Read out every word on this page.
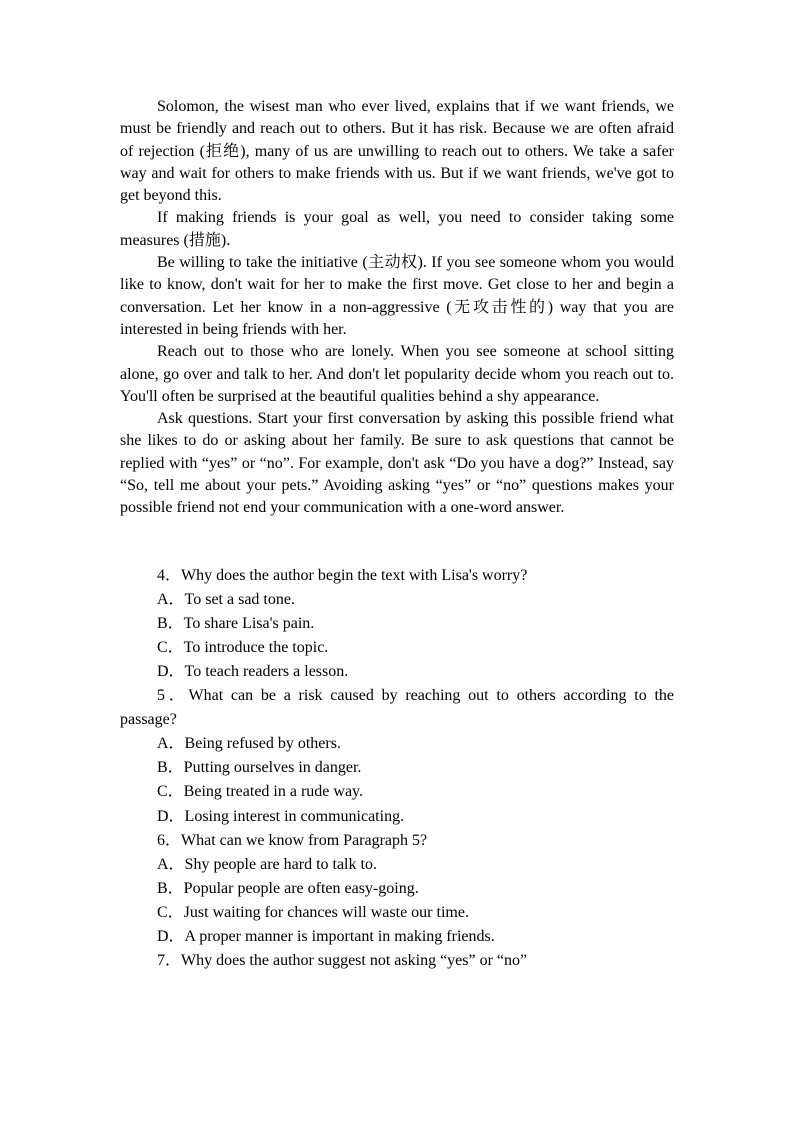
Solomon, the wisest man who ever lived, explains that if we want friends, we must be friendly and reach out to others. But it has risk. Because we are often afraid of rejection (拒绝), many of us are unwilling to reach out to others. We take a safer way and wait for others to make friends with us. But if we want friends, we've got to get beyond this.

If making friends is your goal as well, you need to consider taking some measures (措施).

Be willing to take the initiative (主动权). If you see someone whom you would like to know, don't wait for her to make the first move. Get close to her and begin a conversation. Let her know in a non-aggressive (无攻击性的) way that you are interested in being friends with her.

Reach out to those who are lonely. When you see someone at school sitting alone, go over and talk to her. And don't let popularity decide whom you reach out to. You'll often be surprised at the beautiful qualities behind a shy appearance.

Ask questions. Start your first conversation by asking this possible friend what she likes to do or asking about her family. Be sure to ask questions that cannot be replied with “yes” or “no”. For example, don't ask “Do you have a dog?” Instead, say “So, tell me about your pets.” Avoiding asking “yes” or “no” questions makes your possible friend not end your communication with a one-word answer.

4．Why does the author begin the text with Lisa's worry?

A．To set a sad tone.
B．To share Lisa's pain.
C．To introduce the topic.
D．To teach readers a lesson.

5．What can be a risk caused by reaching out to others according to the passage?

A．Being refused by others.
B．Putting ourselves in danger.
C．Being treated in a rude way.
D．Losing interest in communicating.

6．What can we know from Paragraph 5?

A．Shy people are hard to talk to.
B．Popular people are often easy-going.
C．Just waiting for chances will waste our time.
D．A proper manner is important in making friends.

7．Why does the author suggest not asking “yes” or “no”
